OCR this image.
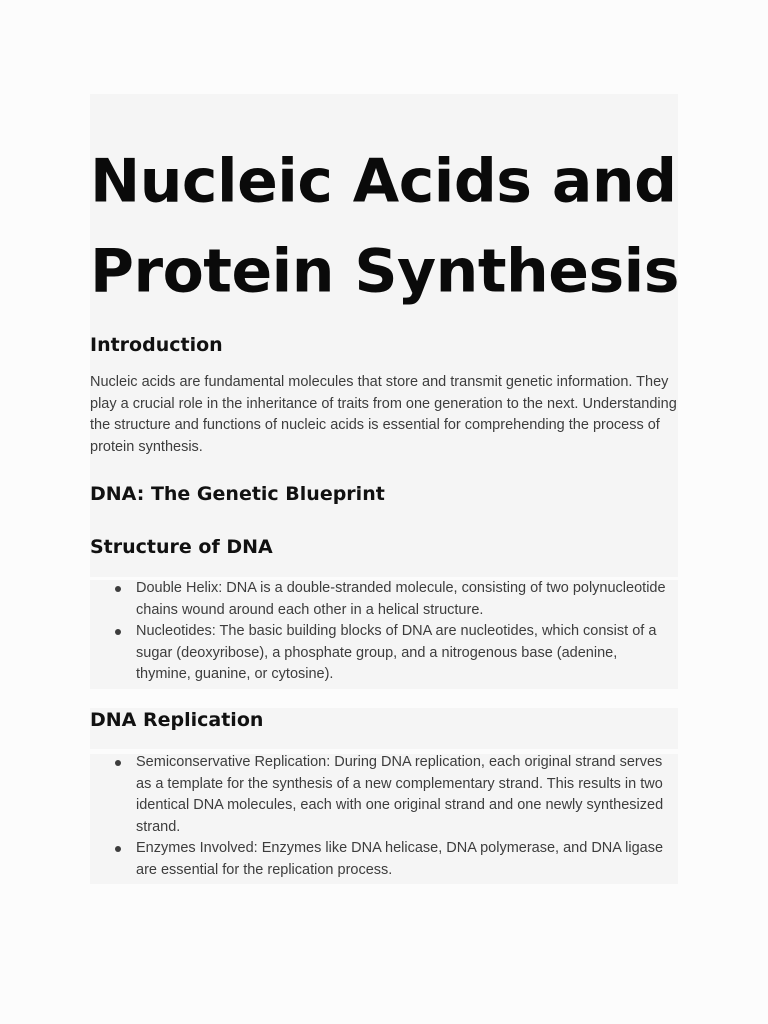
Nucleic Acids and
Protein Synthesis
Introduction

Nucleic acids are fundamental molecules that store and transmit genetic information. They play a crucial role in the inheritance of traits from one generation to the next. Understanding the structure and functions of nucleic acids is essential for comprehending the process of protein synthesis.

DNA: The Genetic Blueprint
Structure of DNA
Double Helix: DNA is a double-stranded molecule, consisting of two polynucleotide chains wound around each other in a helical structure.
Nucleotides: The basic building blocks of DNA are nucleotides, which consist of a sugar (deoxyribose), a phosphate group, and a nitrogenous base (adenine, thymine, guanine, or cytosine).
DNA Replication
Semiconservative Replication: During DNA replication, each original strand serves as a template for the synthesis of a new complementary strand. This results in two identical DNA molecules, each with one original strand and one newly synthesized strand.
Enzymes Involved: Enzymes like DNA helicase, DNA polymerase, and DNA ligase are essential for the replication process.
